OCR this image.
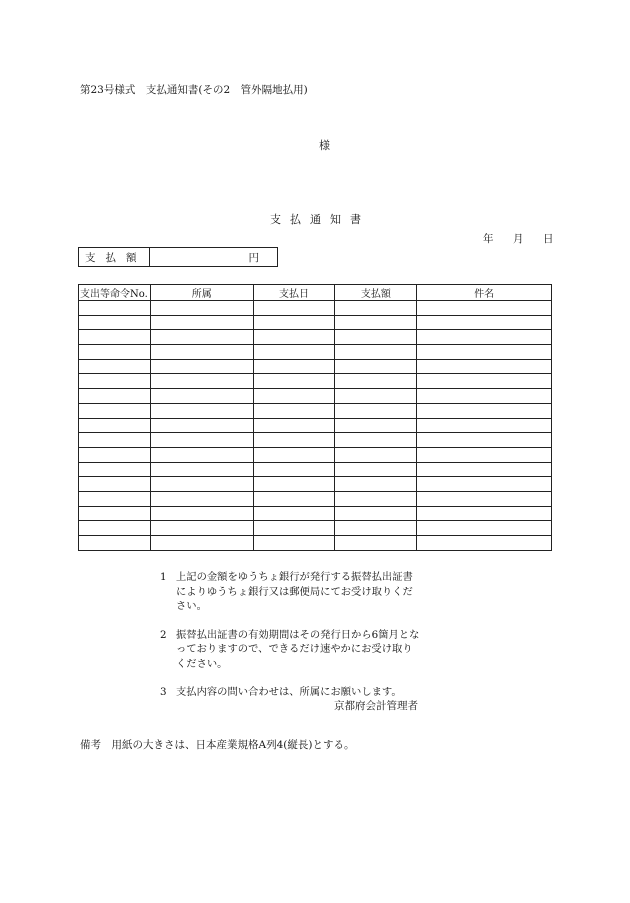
第23号様式　支払通知書(その2　管外隔地払用)
様
支払通知書
年 月 日
支払額	円
支出等命令No.	所属	支払日	支払額	件名

1 上記の金額をゆうちょ銀行が発行する振替払出証書によりゆうちょ銀行又は郵便局にてお受け取りください。
2 振替払出証書の有効期間はその発行日から6箇月となっておりますので、できるだけ速やかにお受け取りください。
3 支払内容の問い合わせは、所属にお願いします。
京都府会計管理者
備考　用紙の大きさは、日本産業規格A列4(縦長)とする。
